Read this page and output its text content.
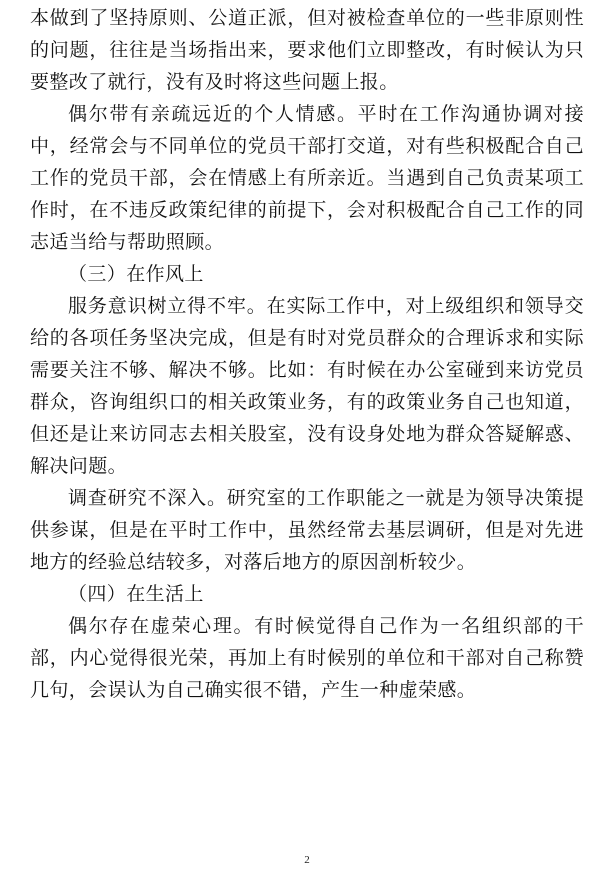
本做到了坚持原则、公道正派，但对被检查单位的一些非原则性的问题，往往是当场指出来，要求他们立即整改，有时候认为只要整改了就行，没有及时将这些问题上报。

偶尔带有亲疏远近的个人情感。平时在工作沟通协调对接中，经常会与不同单位的党员干部打交道，对有些积极配合自己工作的党员干部，会在情感上有所亲近。当遇到自己负责某项工作时，在不违反政策纪律的前提下，会对积极配合自己工作的同志适当给与帮助照顾。

（三）在作风上

服务意识树立得不牢。在实际工作中，对上级组织和领导交给的各项任务坚决完成，但是有时对党员群众的合理诉求和实际需要关注不够、解决不够。比如：有时候在办公室碰到来访党员群众，咨询组织口的相关政策业务，有的政策业务自己也知道，但还是让来访同志去相关股室，没有设身处地为群众答疑解惑、解决问题。

调查研究不深入。研究室的工作职能之一就是为领导决策提供参谋，但是在平时工作中，虽然经常去基层调研，但是对先进地方的经验总结较多，对落后地方的原因剖析较少。

（四）在生活上

偶尔存在虚荣心理。有时候觉得自己作为一名组织部的干部，内心觉得很光荣，再加上有时候别的单位和干部对自己称赞几句，会误认为自己确实很不错，产生一种虚荣感。

2
